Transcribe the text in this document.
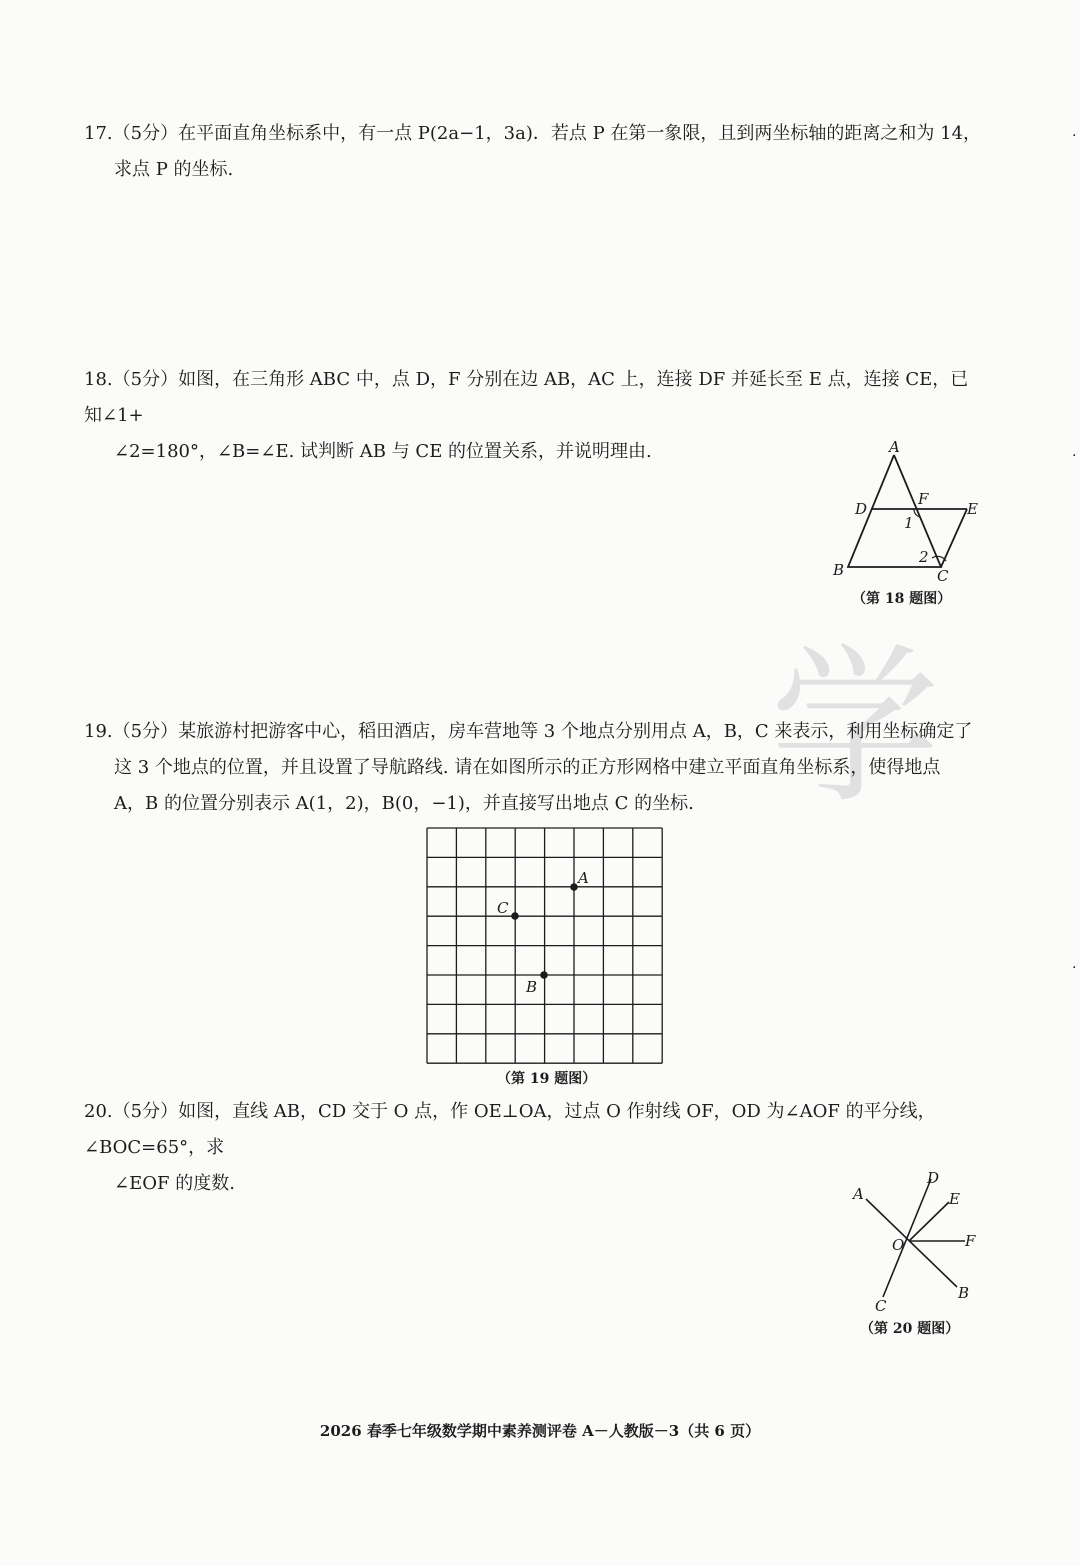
学

17.（5分）在平面直角坐标系中，有一点 P(2a−1，3a)．若点 P 在第一象限，且到两坐标轴的距离之和为 14，

求点 P 的坐标.

18.（5分）如图，在三角形 ABC 中，点 D，F 分别在边 AB，AC 上，连接 DF 并延长至 E 点，连接 CE，已知∠1+

∠2=180°，∠B=∠E. 试判断 AB 与 CE 的位置关系，并说明理由.	A
D
F
E
1
2
B	C
（第 18 题图）

19.（5分）某旅游村把游客中心，稻田酒店，房车营地等 3 个地点分别用点 A，B，C 来表示，利用坐标确定了

这 3 个地点的位置，并且设置了导航路线. 请在如图所示的正方形网格中建立平面直角坐标系，使得地点

A，B 的位置分别表示 A(1，2)，B(0，−1)，并直接写出地点 C 的坐标.

A
C
B
（第 19 题图）

20.（5分）如图，直线 AB，CD 交于 O 点，作 OE⊥OA，过点 O 作射线 OF，OD 为∠AOF 的平分线，∠BOC=65°，求

∠EOF 的度数.	A
D
E
O	F
B
C
（第 20 题图）
·
·
·
2026 春季七年级数学期中素养测评卷 A－人教版－3（共 6 页）
